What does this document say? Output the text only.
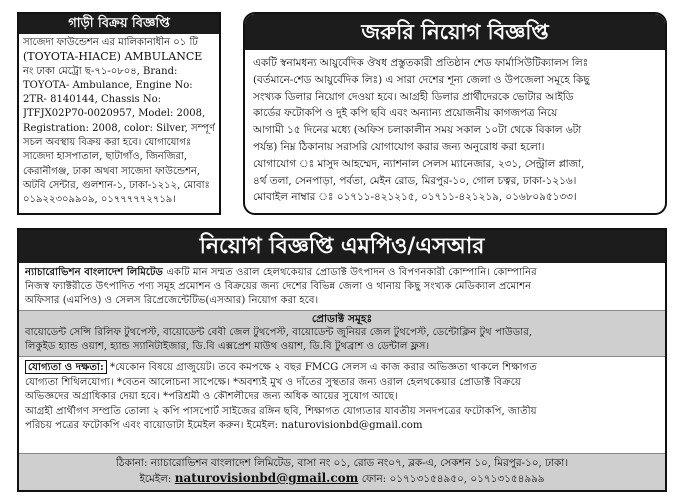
গাড়ী বিক্রয় বিজ্ঞপ্তি
সাজেদা ফাউন্ডেশন এর মালিকানাধীন ০১ টি
(TOYOTA-HIACE) AMBULANCE
নং ঢাকা মেট্রো ছ-৭১-০৮০৪, Brand:
TOYOTA- Ambulance, Engine No:
2TR- 8140144, Chassis No:
JTFJX02P70-0020957, Model: 2008,
Registration: 2008, color: Silver, সম্পূর্ণ
সচল অবস্থায় বিক্রয় করা হবে। যোগাযোগঃ
সাজেদা হাসপাতাল, ছাটাগাঁও, জিনজিরা,
কেরানীগঞ্জ, ঢাকা অথবা সাজেদা ফাউন্ডেশন,
অটবি সেন্টার, গুলশান-১, ঢাকা-১২১২, মোবাঃ
০১৯২২৩০৯৯০৯, ০১৭৭৭৭৭২৭১৯।
জরুরি নিয়োগ বিজ্ঞপ্তি
একটি স্বনামধন্য আয়ুর্বেদিক ঔষধ প্রস্তুতকারী প্রতিষ্ঠান শেড ফার্মাসিউটিক্যালস লিঃ
(বর্তমানে-শেড আয়ুর্বেদিক লিঃ) এ সারা দেশের শূন্য জেলা ও উপজেলা সমূহে কিছু
সংখ্যক ডিলার নিয়োগ দেওয়া হবে। আগ্রহী ডিলার প্রার্থীদেরকে ভোটার আইডি
কার্ডের ফটোকপি ও দুই কপি ছবি এবং অন্যান্য প্রয়োজনীয় কাগজপত্র নিয়ে
আগামী ১৫ দিনের মধ্যে (অফিস চলাকালীন সময় সকাল ১০টা থেকে বিকাল ৬টা
পর্যন্ত) নিম্ন ঠিকানায় সরাসরি যোগাযোগ করার জন্য অনুরোধ করা হলো।
যোগাযোগ ঃ মাসুদ আহম্মেদ, ন্যাশনাল সেলস ম্যানেজার, ২৩১, সেন্ট্রাল প্লাজা,
৪র্থ তলা, সেনপাড়া, পর্বতা, মেইন রোড, মিরপুর-১০, গোল চত্বর, ঢাকা-১২১৬।
মোবাইল নাম্বার ঃ ০১৭১১-৪২১২১৫, ০১৭১১-৪২১২১৯, ০১৬৮০৯৫১৩৩।
নিয়োগ বিজ্ঞপ্তি এমপিও/এসআর
ন্যাচারোভিশন বাংলাদেশ লিমিটেড একটি মান সম্মত ওরাল হেলথকেয়ার প্রোডাক্ট উৎপাদন ও বিপণনকারী কোম্পানি। কোম্পানির
নিজস্ব ফ্যাক্টরীতে উৎপাদিত পণ্য সমূহ প্রমোশন ও বিক্রয়ের জন্য দেশের বিভিন্ন জেলা ও থানায় কিছু সংখ্যক মেডিক্যাল প্রমোশন
অফিসার (এমপিও) ও সেলস রিপ্রেজেন্টেটিভ(এসআর) নিয়োগ করা হবে।
প্রোডাক্ট সমূহঃ
বায়োডেন্ট সেন্সি রিলিফ টুথপেস্ট, বায়োডেন্ট বেবী জেল টুথপেস্ট, বায়োডেন্ট জুনিয়র জেল টুথপেস্ট, ডেন্টোক্লিন টুথ পাউডার,
লিকুইড হ্যান্ড ওয়াশ, হ্যান্ড স্যানিটাইজার, ডি.বি এক্সপ্রেশ মাউথ ওয়াশ, ডি.বি টুথব্রাশ ও ডেন্টাল ফ্লস।
যোগ্যতা ও দক্ষতা: *যেকোন বিষয়ে গ্রাজুয়েট। তবে কমপক্ষে ২ বছর FMCG সেলস এ কাজ করার অভিজ্ঞতা থাকলে শিক্ষাগত
যোগ্যতা শিথিলযোগ্য। *বেতন আলোচনা সাপেক্ষে। *অবশ্যই মুখ ও দাঁতের সুস্থতার জন্য ওরাল হেলথকেয়ার প্রোডাক্ট বিক্রয়ে
অভিজ্ঞদের অগ্রাধিকার দেয়া হবে। *পরিশ্রমী ও কৌশলীদের জন্য অধিক আয়ের সুযোগ আছে।
আগ্রহী প্রার্থীগণ সম্প্রতি তোলা ২ কপি পাসপোর্ট সাইজের রঙ্গিন ছবি, শিক্ষাগত যোগ্যতার যাবতীয় সনদপত্রের ফটোকপি, জাতীয়
পরিচয় পত্রের ফটোকপি এবং বায়োডাটা ইমেইল করুন। ইমেইল: naturovisionbd@gmail.com
ঠিকানা: ন্যাচারোভিশন বাংলাদেশ লিমিটেড, বাসা নং ০১, রোড নং০৭, ব্লক-এ, সেকশন ১০, মিরপুর-১০, ঢাকা।
ইমেইল: naturovisionbd@gmail.com ফোন: ০১৭১৩১৫৪৯৫০, ০১৭১৩১৫৪৯৯৯
